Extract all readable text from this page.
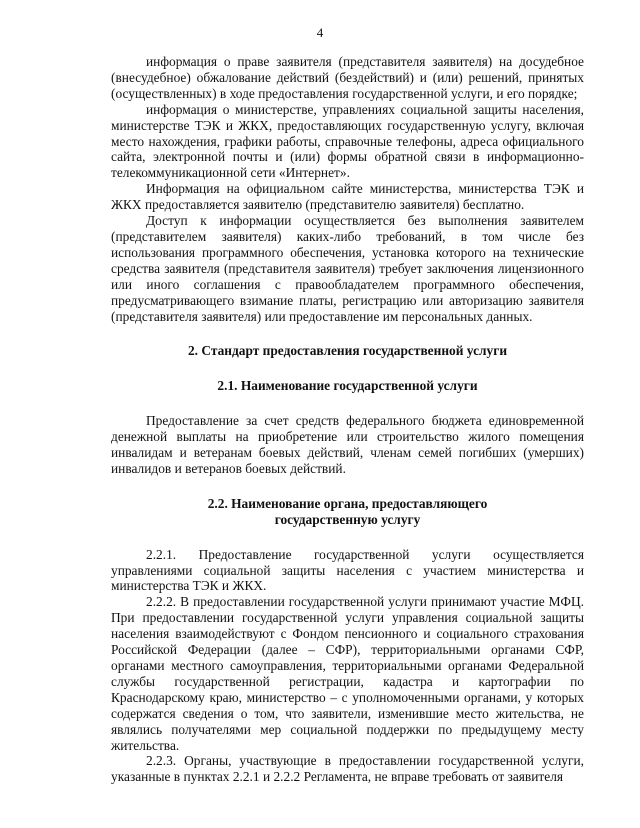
4

информация о праве заявителя (представителя заявителя) на досудебное (внесудебное) обжалование действий (бездействий) и (или) решений, принятых (осуществленных) в ходе предоставления государственной услуги, и его порядке;

информация о министерстве, управлениях социальной защиты населения, министерстве ТЭК и ЖКХ, предоставляющих государственную услугу, включая место нахождения, графики работы, справочные телефоны, адреса официального сайта, электронной почты и (или) формы обратной связи в информационно-телекоммуникационной сети «Интернет».

Информация на официальном сайте министерства, министерства ТЭК и ЖКХ предоставляется заявителю (представителю заявителя) бесплатно.

Доступ к информации осуществляется без выполнения заявителем (представителем заявителя) каких-либо требований, в том числе без использования программного обеспечения, установка которого на технические средства заявителя (представителя заявителя) требует заключения лицензионного или иного соглашения с правообладателем программного обеспечения, предусматривающего взимание платы, регистрацию или авторизацию заявителя (представителя заявителя) или предоставление им персональных данных.

2. Стандарт предоставления государственной услуги
2.1. Наименование государственной услуги

Предоставление за счет средств федерального бюджета единовременной денежной выплаты на приобретение или строительство жилого помещения инвалидам и ветеранам боевых действий, членам семей погибших (умерших) инвалидов и ветеранов боевых действий.

2.2. Наименование органа, предоставляющего
государственную услугу

2.2.1. Предоставление государственной услуги осуществляется управлениями социальной защиты населения с участием министерства и министерства ТЭК и ЖКХ.

2.2.2. В предоставлении государственной услуги принимают участие МФЦ. При предоставлении государственной услуги управления социальной защиты населения взаимодействуют с Фондом пенсионного и социального страхования Российской Федерации (далее – СФР), территориальными органами СФР, органами местного самоуправления, территориальными органами Федеральной службы государственной регистрации, кадастра и картографии по Краснодарскому краю, министерство – с уполномоченными органами, у которых содержатся сведения о том, что заявители, изменившие место жительства, не являлись получателями мер социальной поддержки по предыдущему месту жительства.

2.2.3. Органы, участвующие в предоставлении государственной услуги, указанные в пунктах 2.2.1 и 2.2.2 Регламента, не вправе требовать от заявителя
